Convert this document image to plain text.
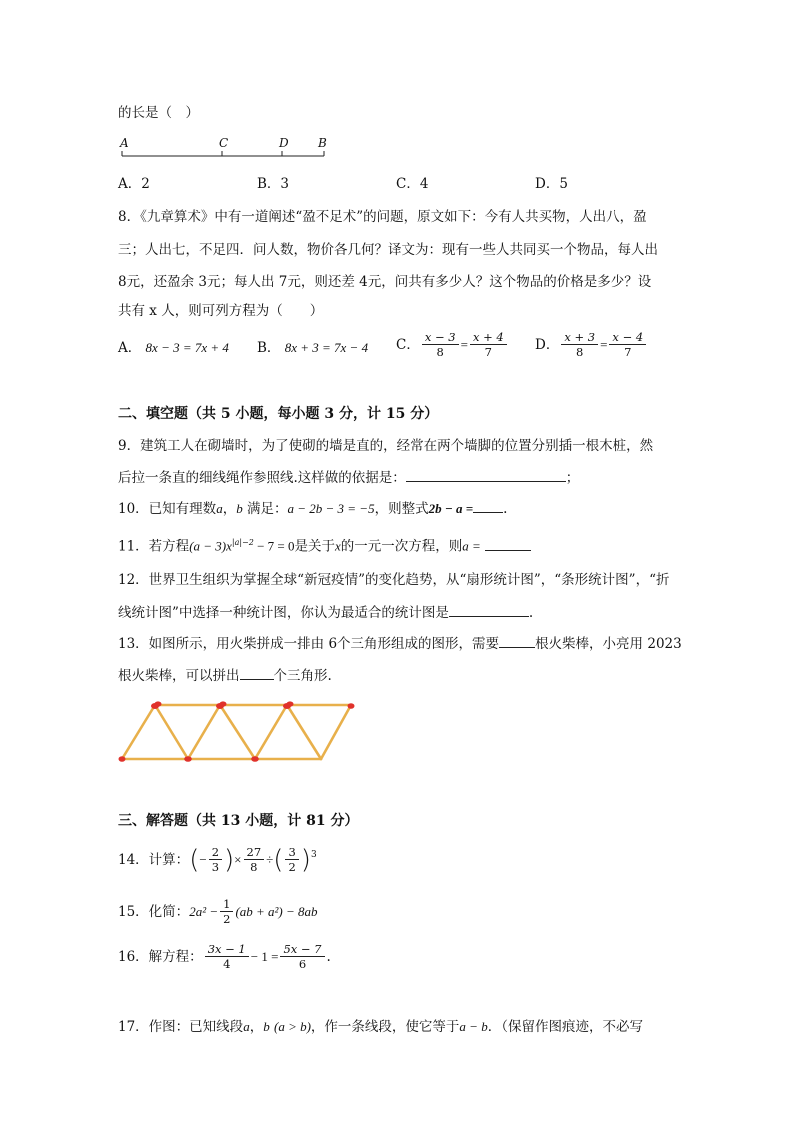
的长是（　）
A	C	D B
A．2	B．3	C．4	D．5
8．《九章算术》中有一道阐述“盈不足术”的问题，原文如下：今有人共买物，人出八，盈
三；人出七，不足四．问人数，物价各几何？译文为：现有一些人共同买一个物品，每人出
8元，还盈余 3元；每人出 7元，则还差 4元，问共有多少人？这个物品的价格是多少？设
共有 x 人，则可列方程为（　　）
A． 8x − 3 = 7x + 4 B． 8x + 3 = 7x − 4 C． $\frac{x - 3}{8} = \frac{x + 4}{7}$ D． $\frac{x + 3}{8} = \frac{x - 4}{7}$
二、填空题（共 5 小题，每小题 3 分，计 15 分）
9．建筑工人在砌墙时，为了使砌的墙是直的，经常在两个墙脚的位置分别插一根木桩，然
后拉一条直的细线绳作参照线.这样做的依据是：	；
10．已知有理数a，b 满足：a − 2b − 3 = −5，则整式2b − a = .
11．若方程$(a - 3)x^{|a|-2} - 7 = 0$是关于x的一元一次方程，则a =
12．世界卫生组织为掌握全球“新冠疫情”的变化趋势，从“扇形统计图”，“条形统计图”，“折
线统计图”中选择一种统计图，你认为最适合的统计图是	.
13．如图所示，用火柴拼成一排由 6个三角形组成的图形，需要	根火柴棒，小亮用 2023
根火柴棒，可以拼出	个三角形.
三、解答题（共 13 小题，计 81 分）
14．计算： ( − $\frac{2}{3}$ ) × $\frac{27}{8}$ ÷ ( $\frac{3}{2} )^3$
15．化简： $2a^2 - \frac{1}{2} (ab + a^2) - 8ab$
16．解方程： $\frac{3x - 1}{4} - 1 = \frac{5x - 7}{6}$ .
17．作图：已知线段a，b (a > b)，作一条线段，使它等于a − b．（保留作图痕迹，不必写
